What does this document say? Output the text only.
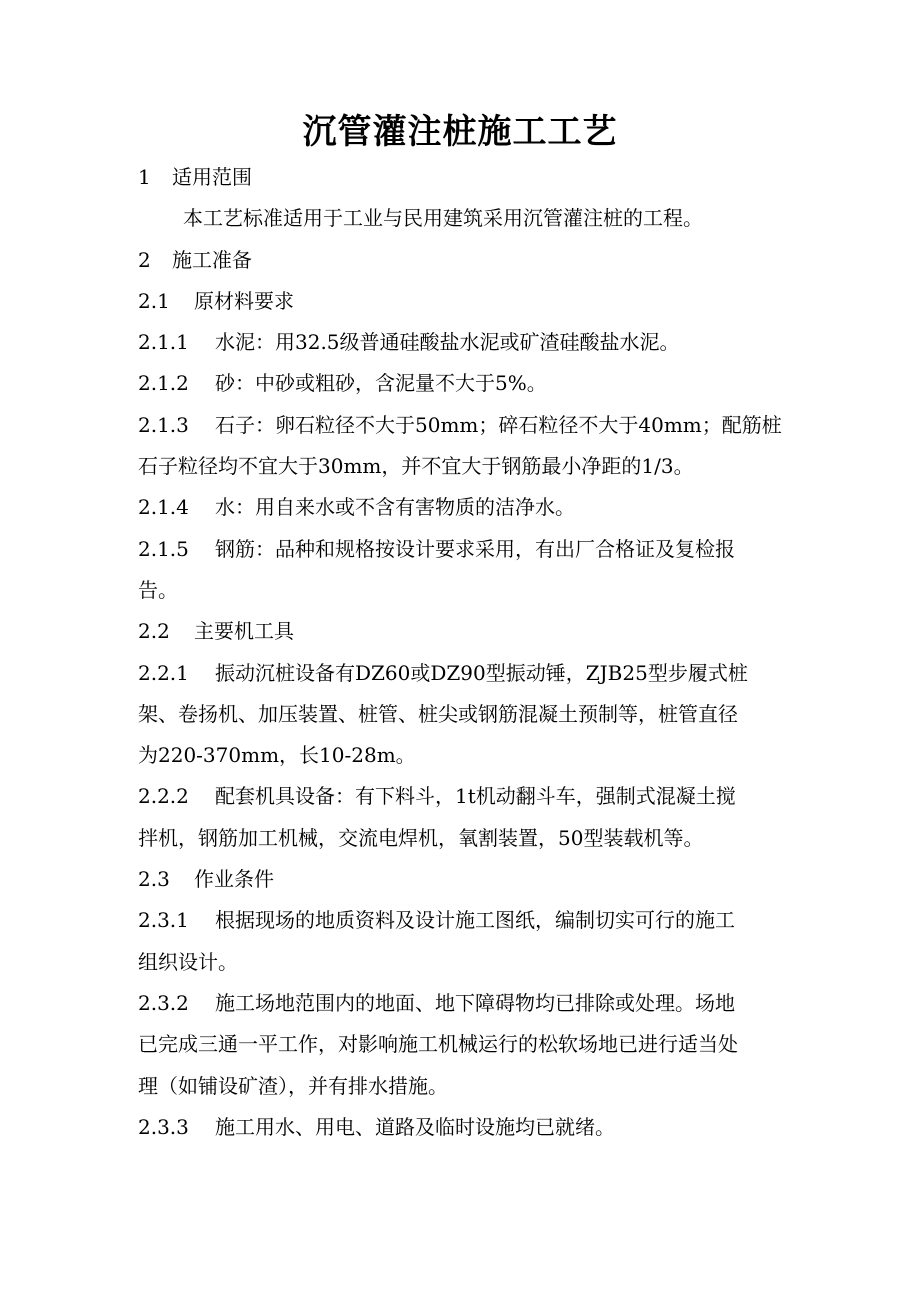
沉管灌注桩施工工艺
1 适用范围
本工艺标准适用于工业与民用建筑采用沉管灌注桩的工程。
2 施工准备
2.1 原材料要求
2.1.1 水泥：用32.5级普通硅酸盐水泥或矿渣硅酸盐水泥。
2.1.2 砂：中砂或粗砂，含泥量不大于5%。
2.1.3 石子：卵石粒径不大于50mm；碎石粒径不大于40mm；配筋桩
石子粒径均不宜大于30mm，并不宜大于钢筋最小净距的1/3。
2.1.4 水：用自来水或不含有害物质的洁净水。
2.1.5 钢筋：品种和规格按设计要求采用，有出厂合格证及复检报
告。
2.2 主要机工具
2.2.1 振动沉桩设备有DZ60或DZ90型振动锤，ZJB25型步履式桩
架、卷扬机、加压装置、桩管、桩尖或钢筋混凝土预制等，桩管直径
为220-370mm，长10-28m。
2.2.2 配套机具设备：有下料斗，1t机动翻斗车，强制式混凝土搅
拌机，钢筋加工机械，交流电焊机，氧割装置，50型装载机等。
2.3 作业条件
2.3.1 根据现场的地质资料及设计施工图纸，编制切实可行的施工
组织设计。
2.3.2 施工场地范围内的地面、地下障碍物均已排除或处理。场地
已完成三通一平工作，对影响施工机械运行的松软场地已进行适当处
理（如铺设矿渣），并有排水措施。
2.3.3 施工用水、用电、道路及临时设施均已就绪。
